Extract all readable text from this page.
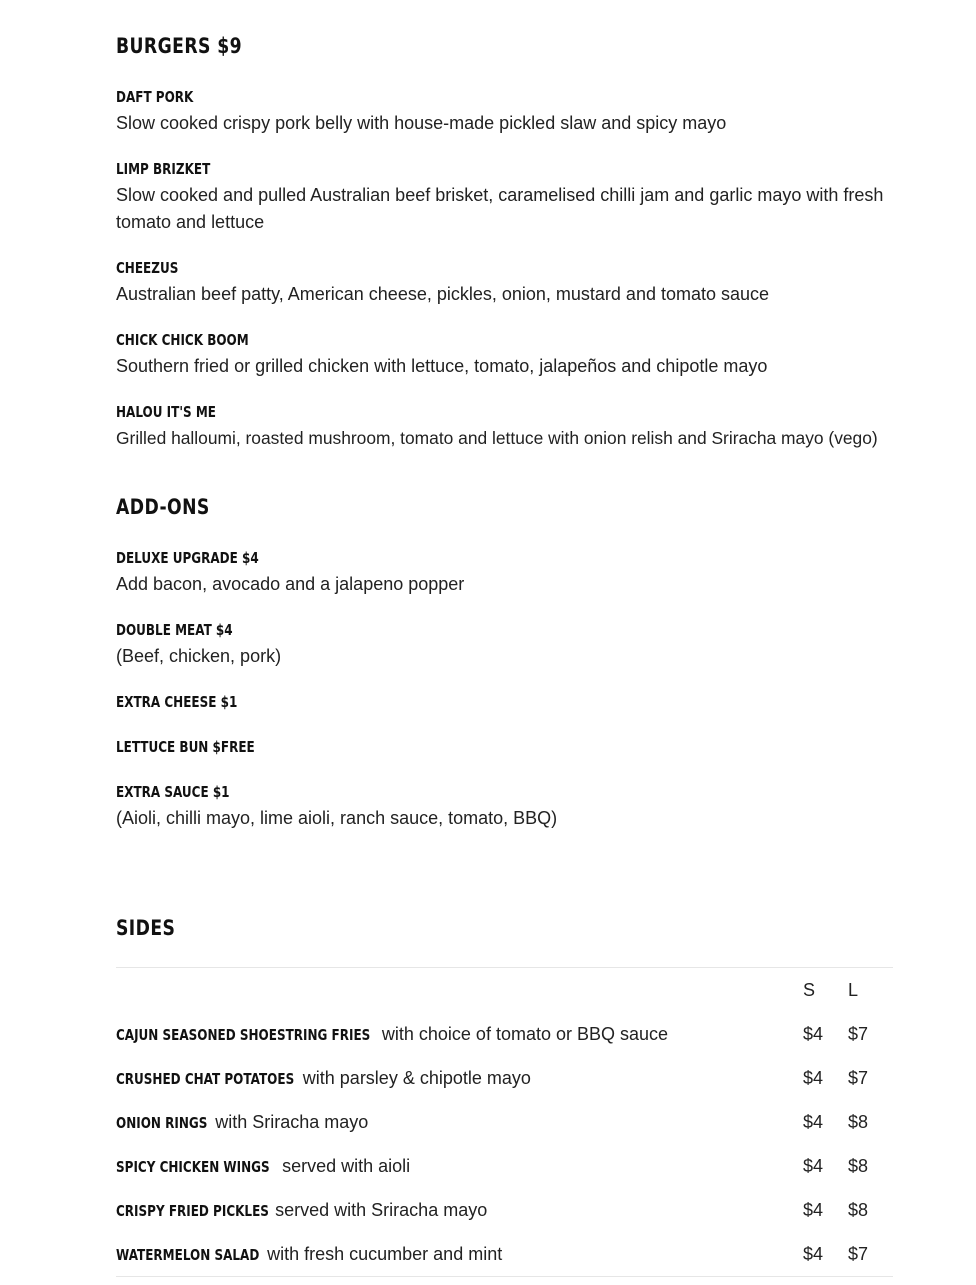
BURGERS $9
DAFT PORK
Slow cooked crispy pork belly with house-made pickled slaw and spicy mayo
LIMP BRIZKET
Slow cooked and pulled Australian beef brisket, caramelised chilli jam and garlic mayo with fresh tomato and lettuce
CHEEZUS
Australian beef patty, American cheese, pickles, onion, mustard and tomato sauce
CHICK CHICK BOOM
Southern fried or grilled chicken with lettuce, tomato, jalapeños and chipotle mayo
HALOU IT'S ME
Grilled halloumi, roasted mushroom, tomato and lettuce with onion relish and Sriracha mayo (vego)
ADD-ONS
DELUXE UPGRADE $4
Add bacon, avocado and a jalapeno popper
DOUBLE MEAT $4
(Beef, chicken, pork)
EXTRA CHEESE $1
LETTUCE BUN $FREE
EXTRA SAUCE $1
(Aioli, chilli mayo, lime aioli, ranch sauce, tomato, BBQ)
SIDES
S L
CAJUN SEASONED SHOESTRING FRIES with choice of tomato or BBQ sauce	$4 $7
CRUSHED CHAT POTATOES with parsley & chipotle mayo	$4 $7
ONION RINGS with Sriracha mayo	$4 $8
SPICY CHICKEN WINGS served with aioli	$4 $8
CRISPY FRIED PICKLES served with Sriracha mayo	$4 $8
WATERMELON SALAD with fresh cucumber and mint	$4 $7
